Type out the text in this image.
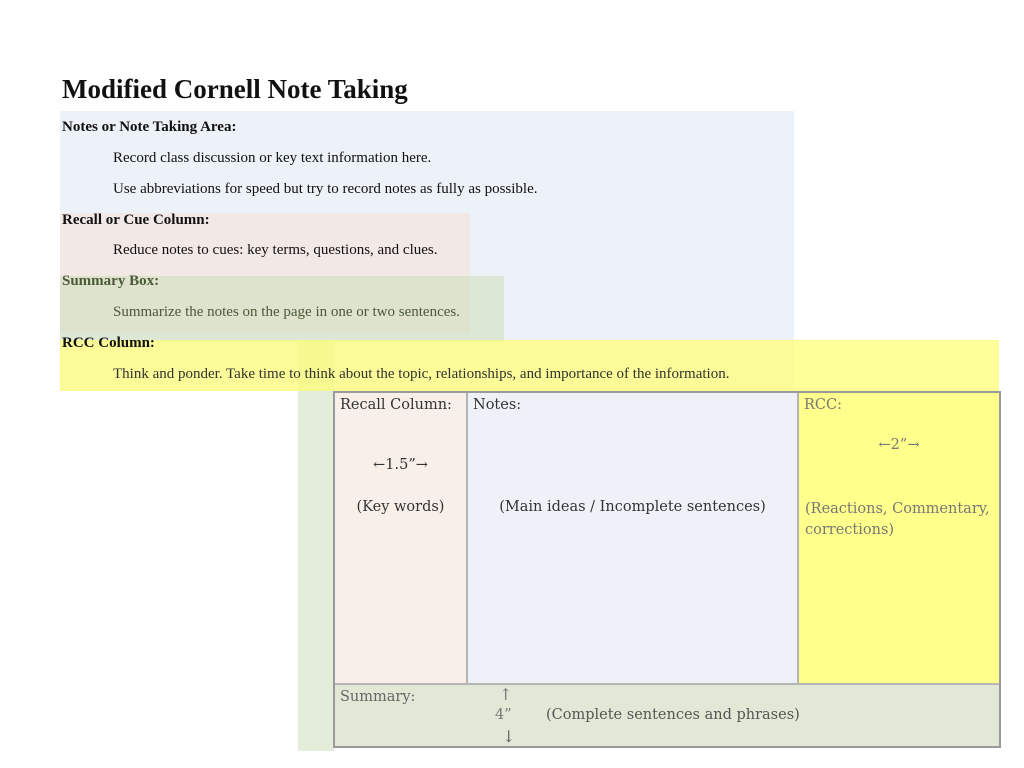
Modified Cornell Note Taking
Notes or Note Taking Area:
Record class discussion or key text information here.
Use abbreviations for speed but try to record notes as fully as possible.
Recall or Cue Column:
Reduce notes to cues: key terms, questions, and clues.
Summary Box:
Summarize the notes on the page in one or two sentences.
RCC Column:
Think and ponder. Take time to think about the topic, relationships, and importance of the information.
Recall Column:
←1.5”→
(Key words)
Notes:
(Main ideas / Incomplete sentences)
RCC:
←2”→
(Reactions, Commentary, corrections)
Summary:	↑
4”
↓
(Complete sentences and phrases)
